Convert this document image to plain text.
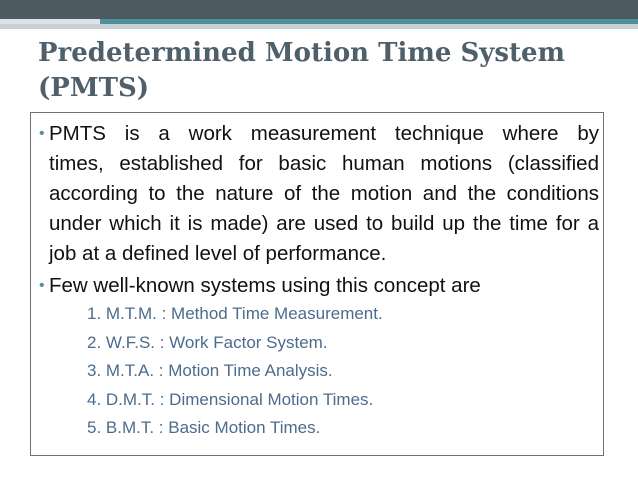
Predetermined Motion Time System
(PMTS)
• PMTS is a work measurement technique where by
times, established for basic human motions (classified
according to the nature of the motion and the conditions
under which it is made) are used to build up the time for a
job at a defined level of performance.
• Few well-known systems using this concept are
1. M.T.M. : Method Time Measurement.
2. W.F.S. : Work Factor System.
3. M.T.A. : Motion Time Analysis.
4. D.M.T. : Dimensional Motion Times.
5. B.M.T. : Basic Motion Times.
